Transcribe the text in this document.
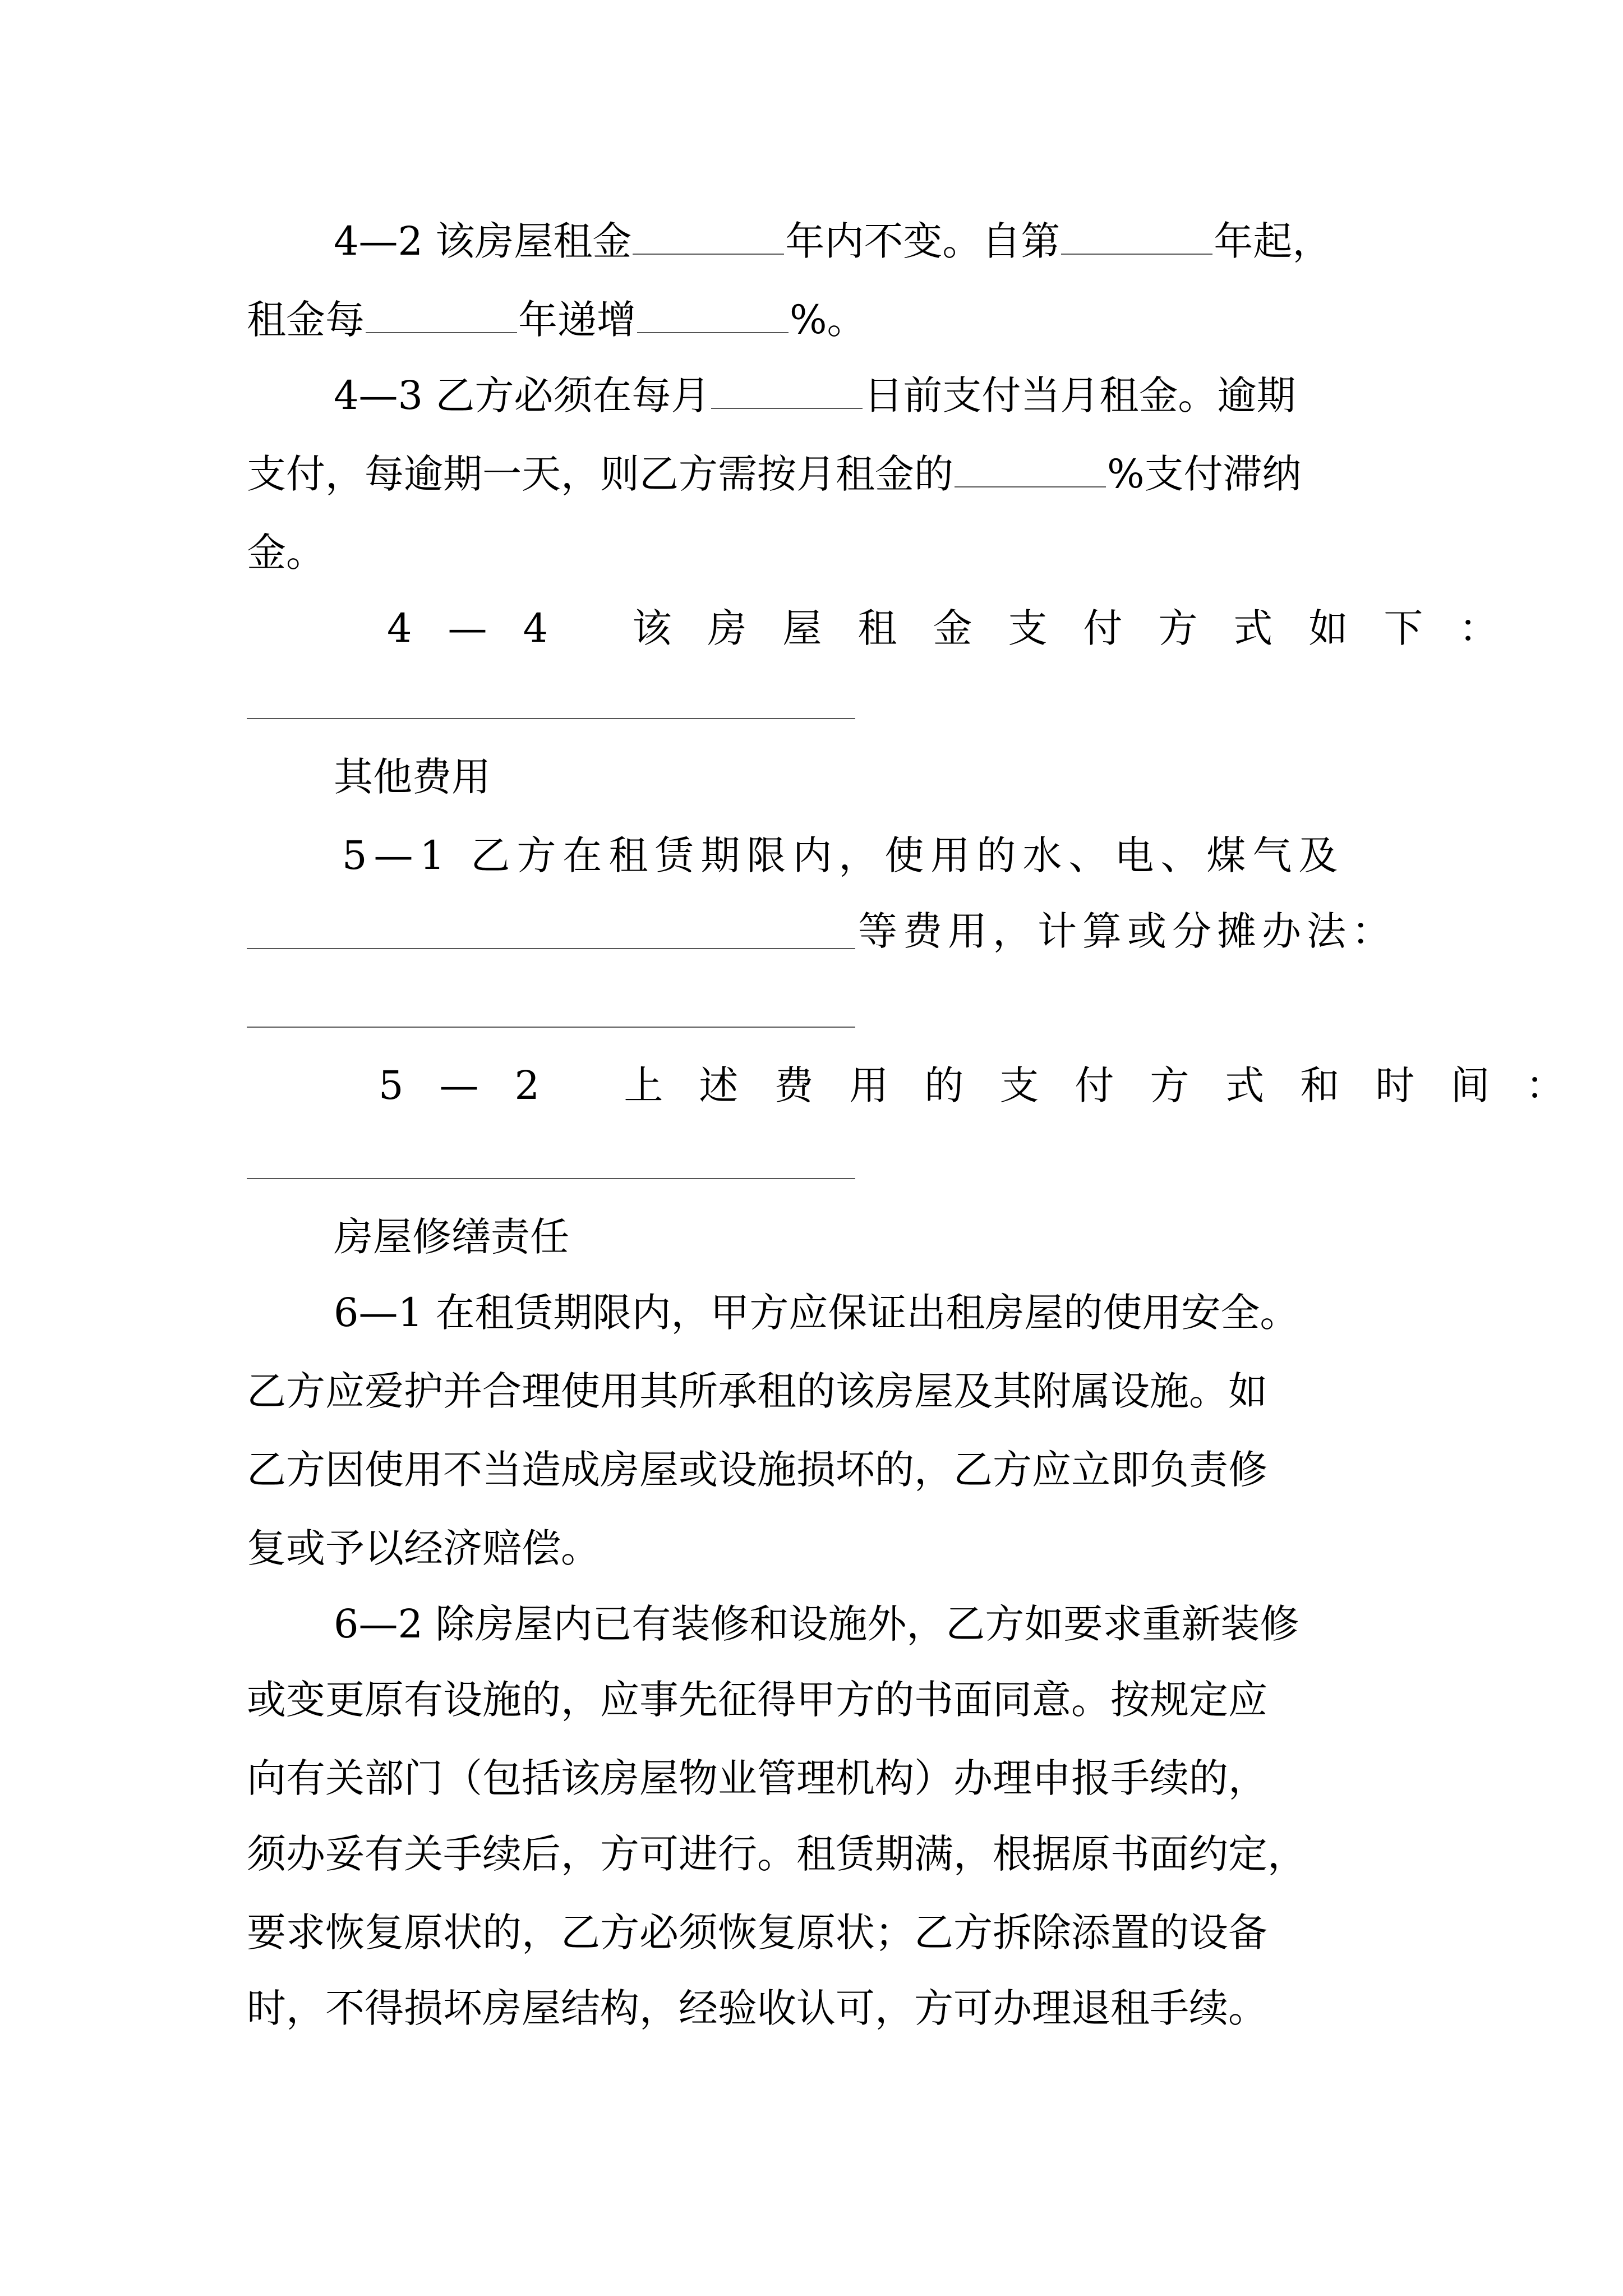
4—2 该房屋租金	年内不变。自第	年起，
租金每	年递增	%。
4—3 乙方必须在每月	日前支付当月租金。逾期
支付，每逾期一天，则乙方需按月租金的	%支付滞纳
金。
4—4 该房屋租金支付方式如下：
其他费用
5—1 乙方在租赁期限内，使用的水、电、煤气及
等费用，计算或分摊办法：
5—2 上述费用的支付方式和时间：
房屋修缮责任
6—1 在租赁期限内，甲方应保证出租房屋的使用安全。
乙方应爱护并合理使用其所承租的该房屋及其附属设施。如
乙方因使用不当造成房屋或设施损坏的，乙方应立即负责修
复或予以经济赔偿。
6—2 除房屋内已有装修和设施外，乙方如要求重新装修
或变更原有设施的，应事先征得甲方的书面同意。按规定应
向有关部门（包括该房屋物业管理机构）办理申报手续的，
须办妥有关手续后，方可进行。租赁期满，根据原书面约定，
要求恢复原状的，乙方必须恢复原状；乙方拆除添置的设备
时，不得损坏房屋结构，经验收认可，方可办理退租手续。
